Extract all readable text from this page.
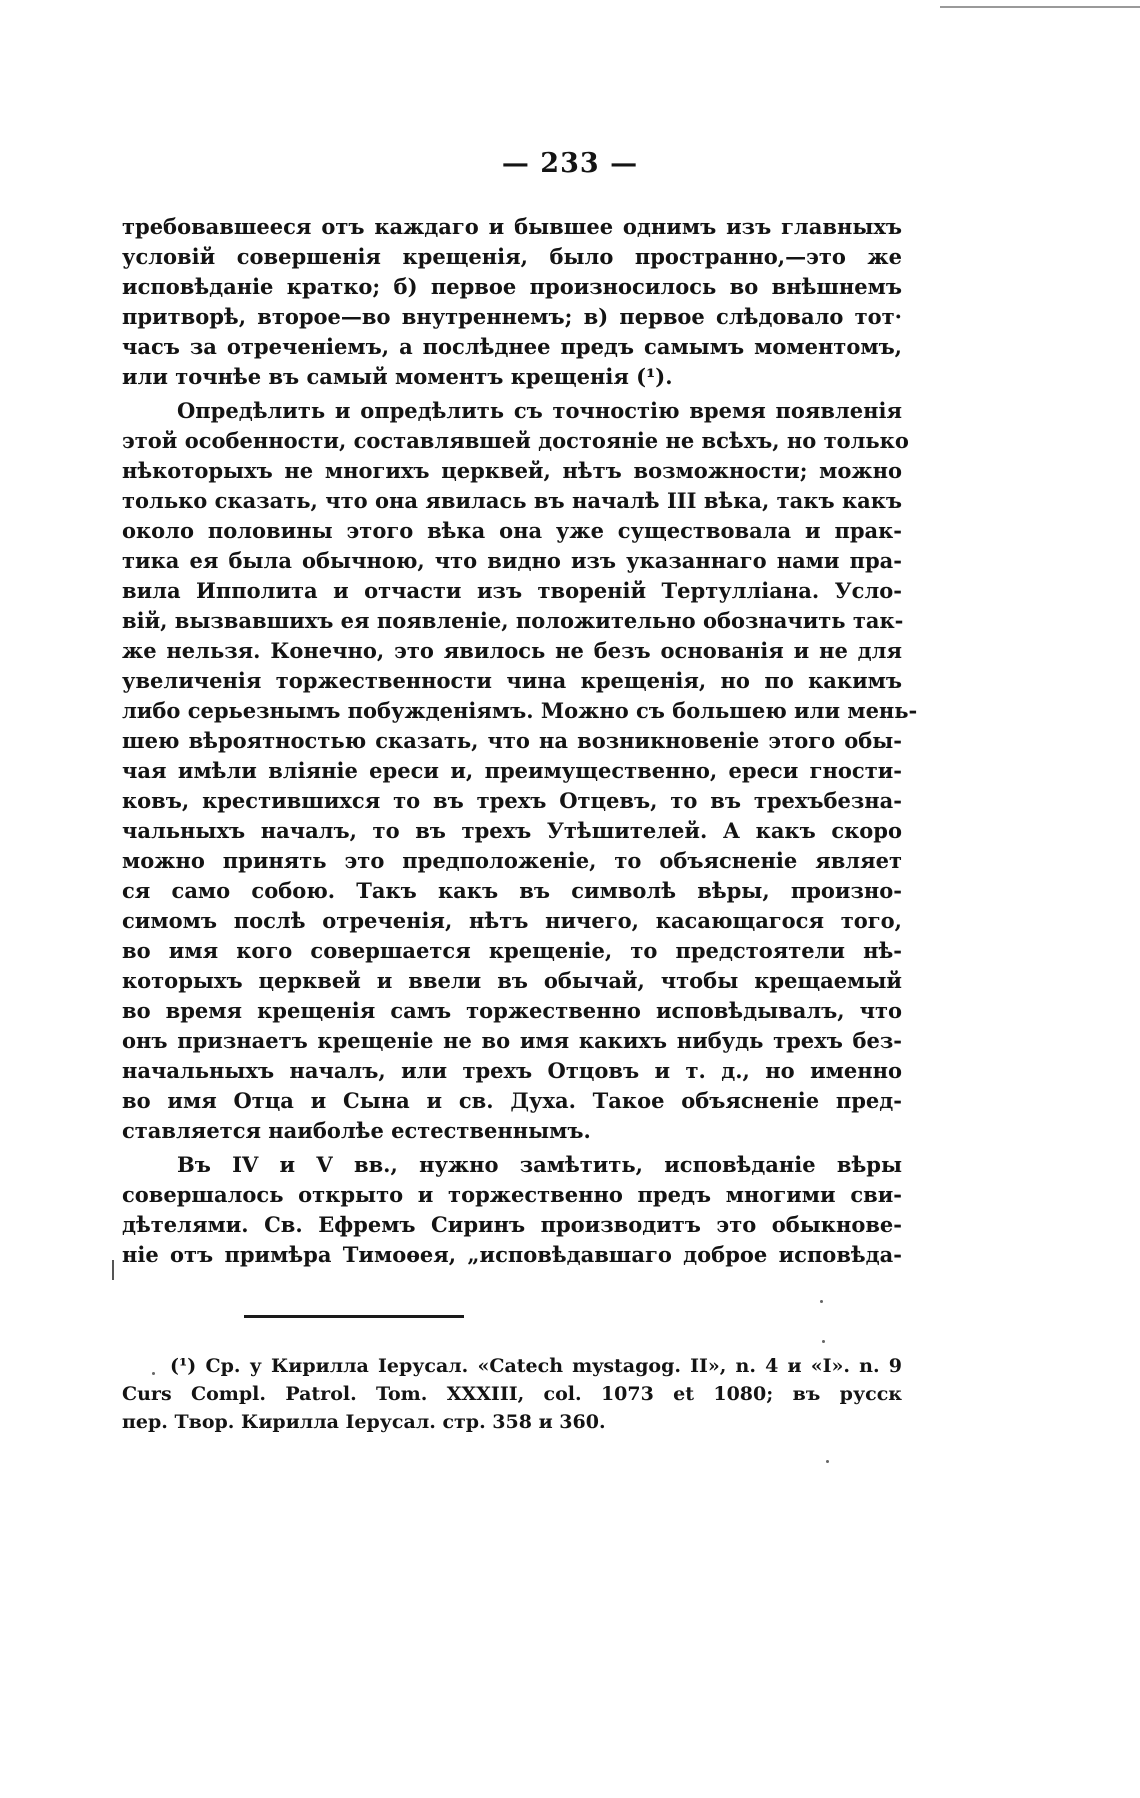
— 233 —
требовавшееся отъ каждаго и бывшее однимъ изъ главныхъ
условій совершенія крещенія, было пространно,—это же
исповѣданіе кратко; б) первое произносилось во внѣшнемъ
притворѣ, второе—во внутреннемъ; в) первое слѣдовало тот·
часъ за отреченіемъ, а послѣднее предъ самымъ моментомъ,
или точнѣе въ самый моментъ крещенія (¹).
Опредѣлить и опредѣлить съ точностію время появленія
этой особенности, составлявшей достояніе не всѣхъ, но только
нѣкоторыхъ не многихъ церквей, нѣтъ возможности; можно
только сказать, что она явилась въ началѣ III вѣка, такъ какъ
около половины этого вѣка она уже существовала и прак-
тика ея была обычною, что видно изъ указаннаго нами пра-
вила Ипполита и отчасти изъ твореній Тертулліана. Усло-
вій, вызвавшихъ ея появленіе, положительно обозначить так-
же нельзя. Конечно, это явилось не безъ основанія и не для
увеличенія торжественности чина крещенія, но по какимъ
либо серьезнымъ побужденіямъ. Можно съ большею или мень-
шею вѣроятностью сказать, что на возникновеніе этого обы-
чая имѣли вліяніе ереси и, преимущественно, ереси гности-
ковъ, крестившихся то въ трехъ Отцевъ, то въ трехъбезна-
чальныхъ началъ, то въ трехъ Утѣшителей. А какъ скоро
можно принять это предположеніе, то объясненіе являет
ся само собою. Такъ какъ въ символѣ вѣры, произно-
симомъ послѣ отреченія, нѣтъ ничего, касающагося того,
во имя кого совершается крещеніе, то предстоятели нѣ-
которыхъ церквей и ввели въ обычай, чтобы крещаемый
во время крещенія самъ торжественно исповѣдывалъ, что
онъ признаетъ крещеніе не во имя какихъ нибудь трехъ без-
начальныхъ началъ, или трехъ Отцовъ и т. д., но именно
во имя Отца и Сына и св. Духа. Такое объясненіе пред-
ставляется наиболѣе естественнымъ.
Въ IV и V вв., нужно замѣтить, исповѣданіе вѣры
совершалось открыто и торжественно предъ многими сви-
дѣтелями. Св. Ефремъ Сиринъ производитъ это обыкнове-
ніе отъ примѣра Тимоѳея, „исповѣдавшаго доброе исповѣда-
(¹) Ср. у Кирилла Iерусал. «Catech mystagog. II», n. 4 и «I». n. 9
Curs Compl. Patrol. Tom. XXXIII, col. 1073 et 1080; въ русск
пер. Твор. Кирилла Iерусал. стр. 358 и 360.
